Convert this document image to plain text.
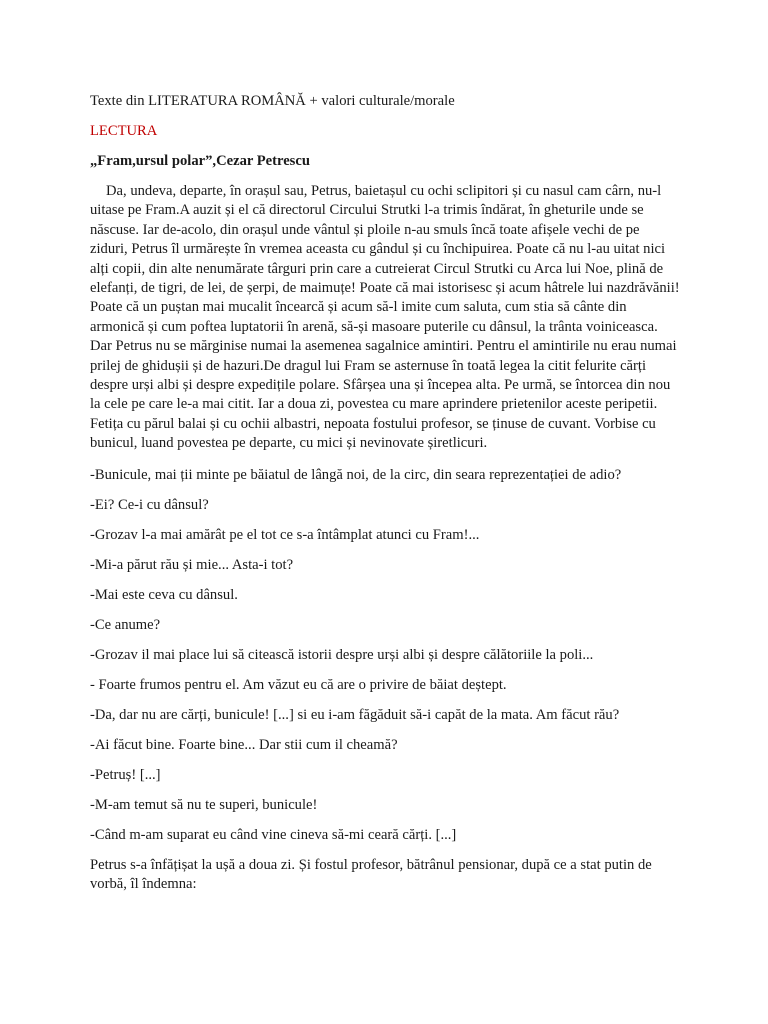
Texte din LITERATURA ROMÂNĂ + valori culturale/morale

LECTURA

„Fram,ursul polar”,Cezar Petrescu

Da, undeva, departe, în orașul sau, Petrus, baietașul cu ochi sclipitori și cu nasul cam cârn, nu-l uitase pe Fram.A auzit și el că directorul Circului Strutki l-a trimis îndărat, în gheturile unde se născuse. Iar de-acolo, din orașul unde vântul și ploile n-au smuls încă toate afișele vechi de pe ziduri, Petrus îl urmărește în vremea aceasta cu gândul și cu închipuirea. Poate că nu l-au uitat nici alți copii, din alte nenumărate târguri prin care a cutreierat Circul Strutki cu Arca lui Noe, plină de elefanți, de tigri, de lei, de șerpi, de maimuțe! Poate că mai istorisesc și acum hâtrele lui nazdrăvănii! Poate că un puștan mai mucalit încearcă și acum să-l imite cum saluta, cum stia să cânte din armonică și cum poftea luptatorii în arenă, să-și masoare puterile cu dânsul, la trânta voiniceasca. Dar Petrus nu se mărginise numai la asemenea sagalnice amintiri. Pentru el amintirile nu erau numai prilej de ghidușii și de hazuri.De dragul lui Fram se asternuse în toată legea la citit felurite cărți despre urși albi și despre expedițile polare. Sfârșea una și începea alta. Pe urmă, se întorcea din nou la cele pe care le-a mai citit. Iar a doua zi, povestea cu mare aprindere prietenilor aceste peripetii. Fetița cu părul balai și cu ochii albastri, nepoata fostului profesor, se ținuse de cuvant. Vorbise cu bunicul, luand povestea pe departe, cu mici și nevinovate șiretlicuri.

-Bunicule, mai ții minte pe băiatul de lângă noi, de la circ, din seara reprezentației de adio?

-Ei? Ce-i cu dânsul?

-Grozav l-a mai amărât pe el tot ce s-a întâmplat atunci cu Fram!...

-Mi-a părut rău și mie... Asta-i tot?

-Mai este ceva cu dânsul.

-Ce anume?

-Grozav il mai place lui să citească istorii despre urși albi și despre călătoriile la poli...

- Foarte frumos pentru el. Am văzut eu că are o privire de băiat deștept.

-Da, dar nu are cărți, bunicule! [...] si eu i-am făgăduit să-i capăt de la mata. Am făcut rău?

-Ai făcut bine. Foarte bine... Dar stii cum il cheamă?

-Petruș! [...]

-M-am temut să nu te superi, bunicule!

-Când m-am suparat eu când vine cineva să-mi ceară cărți. [...]

Petrus s-a înfățișat la ușă a doua zi. Și fostul profesor, bătrânul pensionar, după ce a stat putin de vorbă, îl îndemna:
